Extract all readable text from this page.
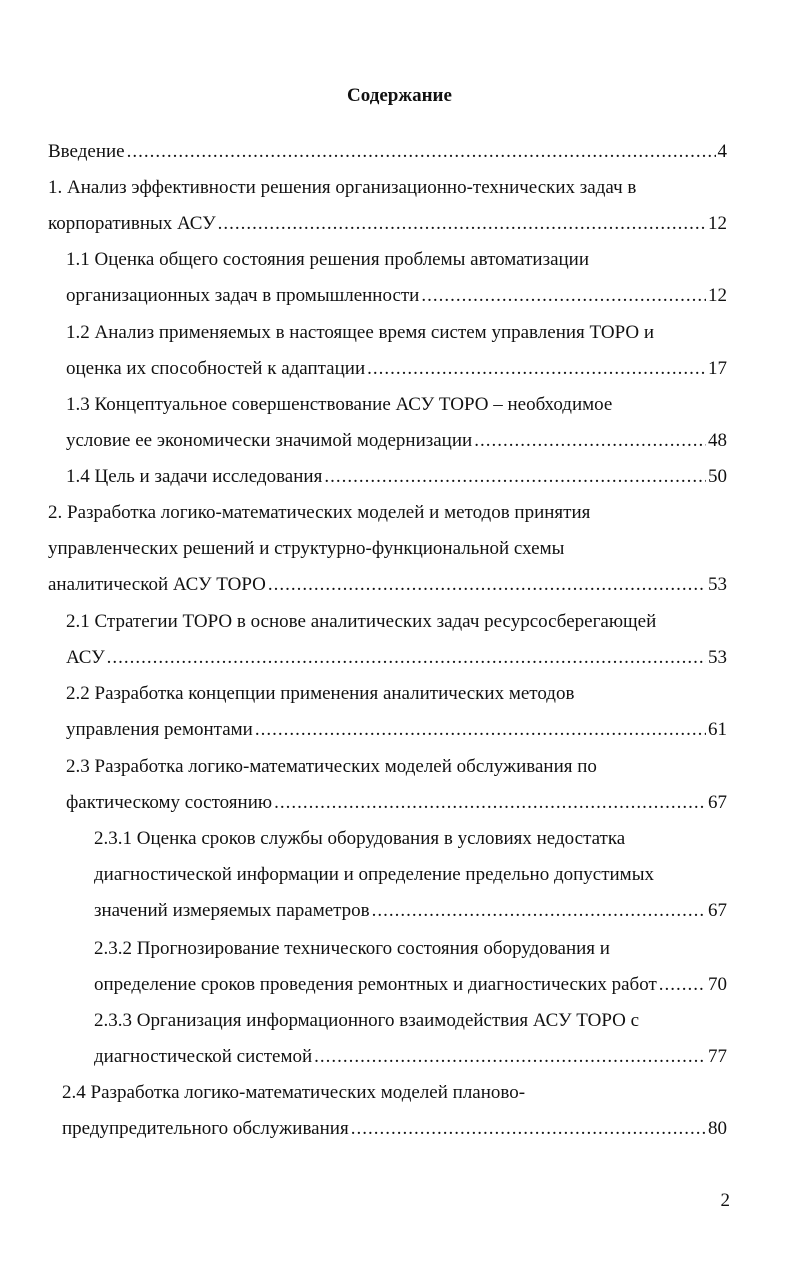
Содержание
Введение .....	4
1. Анализ эффективности решения организационно-технических задач в
корпоративных АСУ .....	12
1.1 Оценка общего состояния решения проблемы автоматизации
организационных задач в промышленности .....	12
1.2 Анализ применяемых в настоящее время систем управления ТОРО и
оценка их способностей к адаптации .....	17
1.3 Концептуальное совершенствование АСУ ТОРО – необходимое
условие ее экономически значимой модернизации .....	48
1.4 Цель и задачи исследования .....	50
2. Разработка логико-математических моделей и методов принятия
управленческих решений и структурно-функциональной схемы
аналитической АСУ ТОРО .....	53
2.1 Стратегии ТОРО в основе аналитических задач ресурсосберегающей
АСУ .....	53
2.2 Разработка концепции применения аналитических методов
управления ремонтами .....	61
2.3 Разработка логико-математических моделей обслуживания по
фактическому состоянию .....	67
2.3.1 Оценка сроков службы оборудования в условиях недостатка
диагностической информации и определение предельно допустимых
значений измеряемых параметров .....	67
2.3.2 Прогнозирование технического состояния оборудования и
определение сроков проведения ремонтных и диагностических работ .....	70
2.3.3 Организация информационного взаимодействия АСУ ТОРО с
диагностической системой .....	77
2.4 Разработка логико-математических моделей планово-
предупредительного обслуживания .....	80
2
